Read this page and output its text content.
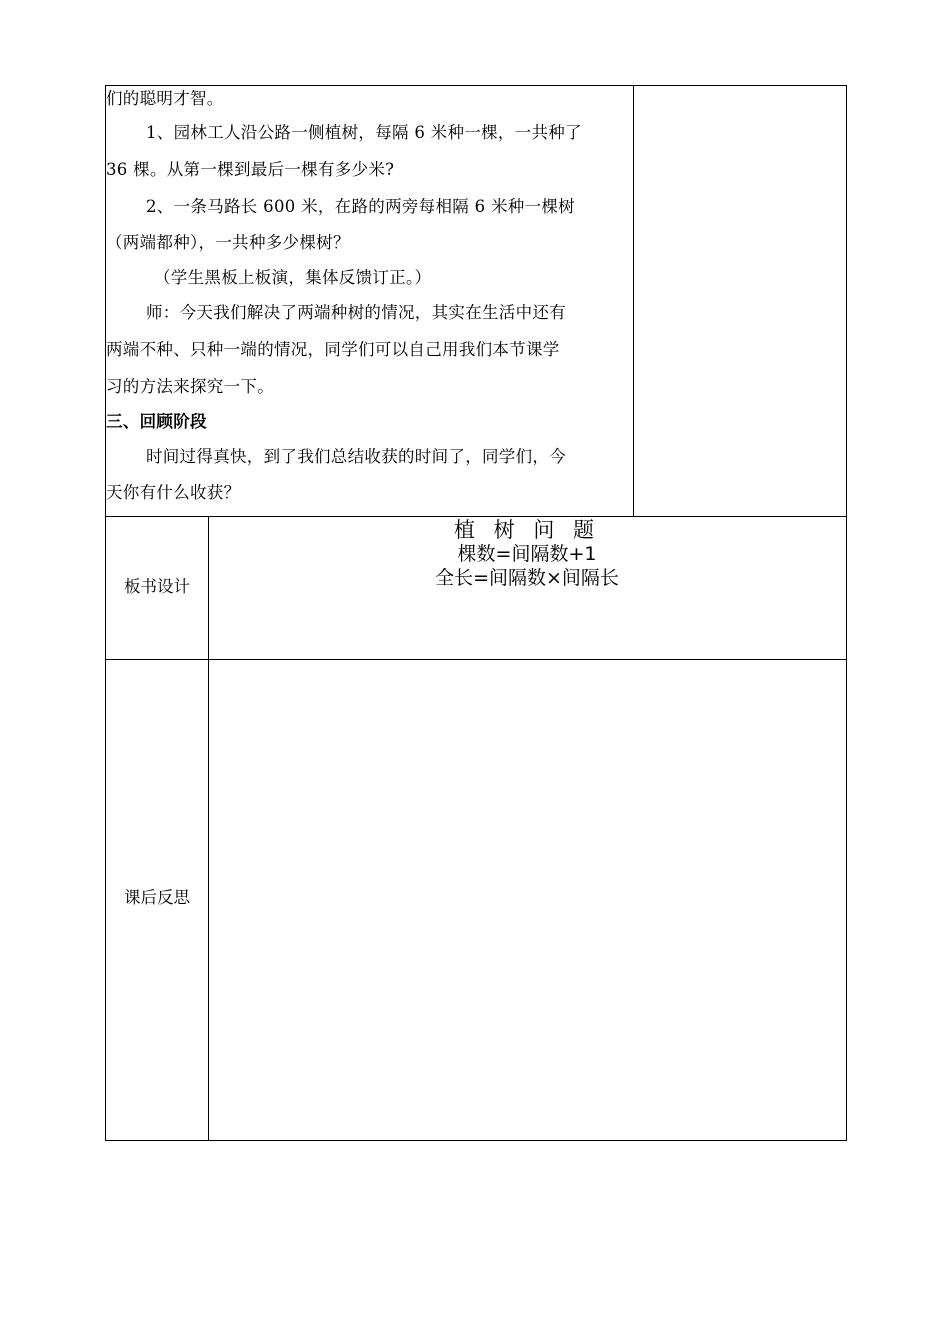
们的聪明才智。
1、园林工人沿公路一侧植树，每隔 6 米种一棵，一共种了
36 棵。从第一棵到最后一棵有多少米?
2、一条马路长 600 米，在路的两旁每相隔 6 米种一棵树
（两端都种），一共种多少棵树？
（学生黑板上板演，集体反馈订正。）
师：今天我们解决了两端种树的情况，其实在生活中还有
两端不种、只种一端的情况，同学们可以自己用我们本节课学
习的方法来探究一下。
三、回顾阶段
时间过得真快，到了我们总结收获的时间了，同学们，今
天你有什么收获？
板书设计
植 树 问 题
棵数=间隔数+1
全长=间隔数×间隔长
课后反思
